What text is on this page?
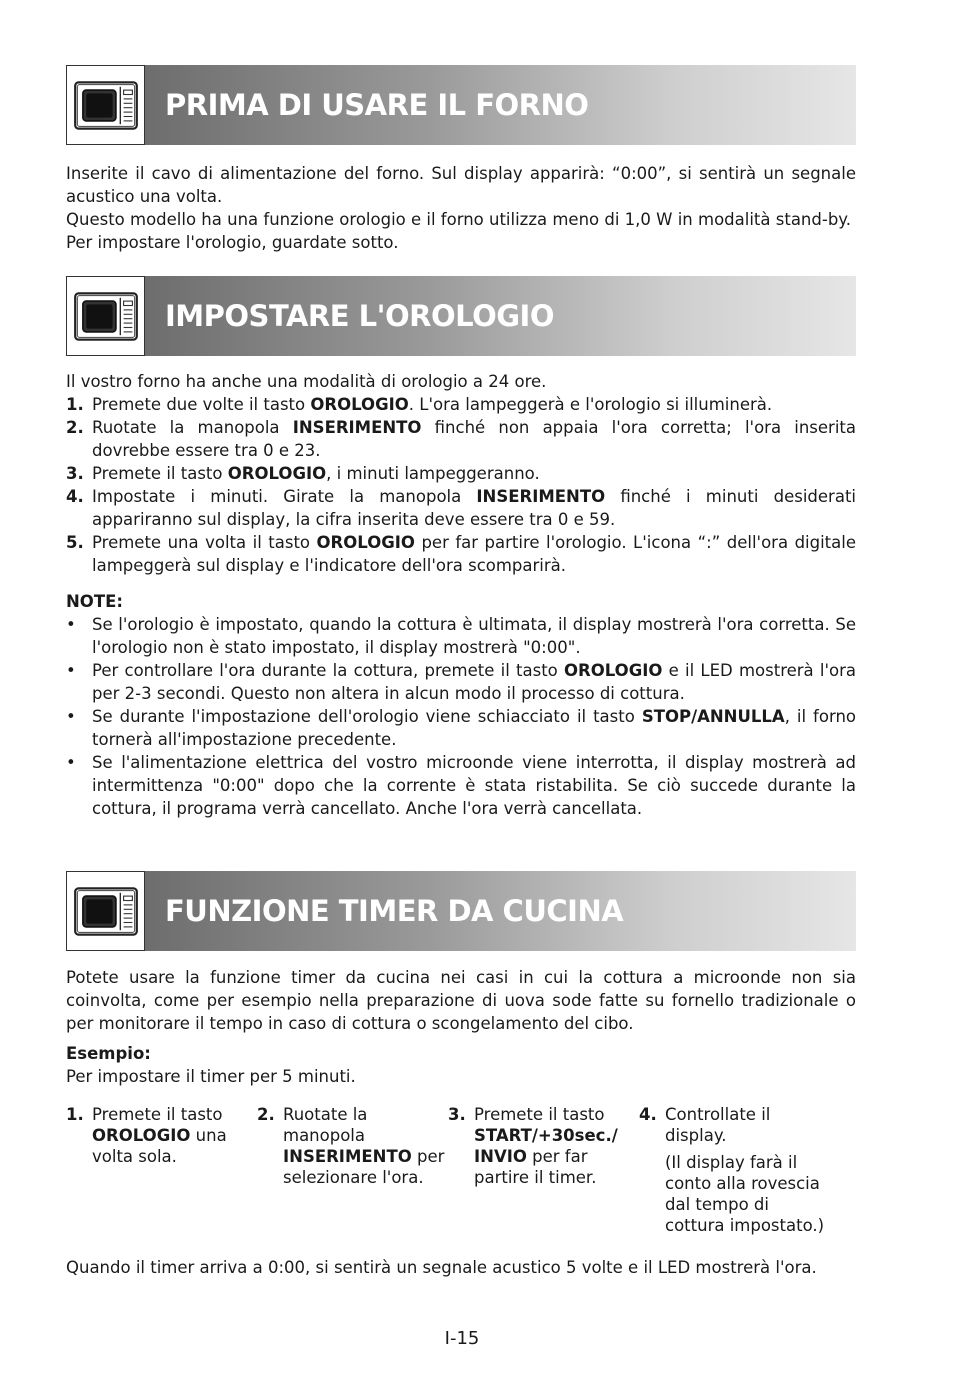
PRIMA DI USARE IL FORNO

Inserite il cavo di alimentazione del forno. Sul display apparirà: “0:00”, si sentirà un segnale acustico una volta.

Questo modello ha una funzione orologio e il forno utilizza meno di 1,0 W in modalità stand-by.

Per impostare l'orologio, guardate sotto.

IMPOSTARE L'OROLOGIO

Il vostro forno ha anche una modalità di orologio a 24 ore.

1. Premete due volte il tasto OROLOGIO. L'ora lampeggerà e l'orologio si illuminerà.
2. Ruotate la manopola INSERIMENTO finché non appaia l'ora corretta; l'ora inserita dovrebbe essere tra 0 e 23.
3. Premete il tasto OROLOGIO, i minuti lampeggeranno.
4. Impostate i minuti. Girate la manopola INSERIMENTO finché i minuti desiderati appariranno sul display, la cifra inserita deve essere tra 0 e 59.
5. Premete una volta il tasto OROLOGIO per far partire l'orologio. L'icona “:” dell'ora digitale lampeggerà sul display e l'indicatore dell'ora scomparirà.

NOTE:

• Se l'orologio è impostato, quando la cottura è ultimata, il display mostrerà l'ora corretta. Se l'orologio non è stato impostato, il display mostrerà "0:00".
• Per controllare l'ora durante la cottura, premete il tasto OROLOGIO e il LED mostrerà l'ora per 2-3 secondi. Questo non altera in alcun modo il processo di cottura.
• Se durante l'impostazione dell'orologio viene schiacciato il tasto STOP/ANNULLA, il forno tornerà all'impostazione precedente.
• Se l'alimentazione elettrica del vostro microonde viene interrotta, il display mostrerà ad intermittenza "0:00" dopo che la corrente è stata ristabilita. Se ciò succede durante la cottura, il programa verrà cancellato. Anche l'ora verrà cancellata.
FUNZIONE TIMER DA CUCINA

Potete usare la funzione timer da cucina nei casi in cui la cottura a microonde non sia coinvolta, come per esempio nella preparazione di uova sode fatte su fornello tradizionale o per monitorare il tempo in caso di cottura o scongelamento del cibo.

Esempio:

Per impostare il timer per 5 minuti.

1. Premete il tasto OROLOGIO una volta sola.
2. Ruotate la manopola INSERIMENTO per selezionare l'ora.
3. Premete il tasto START/+30sec./ INVIO per far partire il timer.
4. Controllate il display.
(Il display farà il conto alla rovescia dal tempo di cottura impostato.)

Quando il timer arriva a 0:00, si sentirà un segnale acustico 5 volte e il LED mostrerà l'ora.

I-15
